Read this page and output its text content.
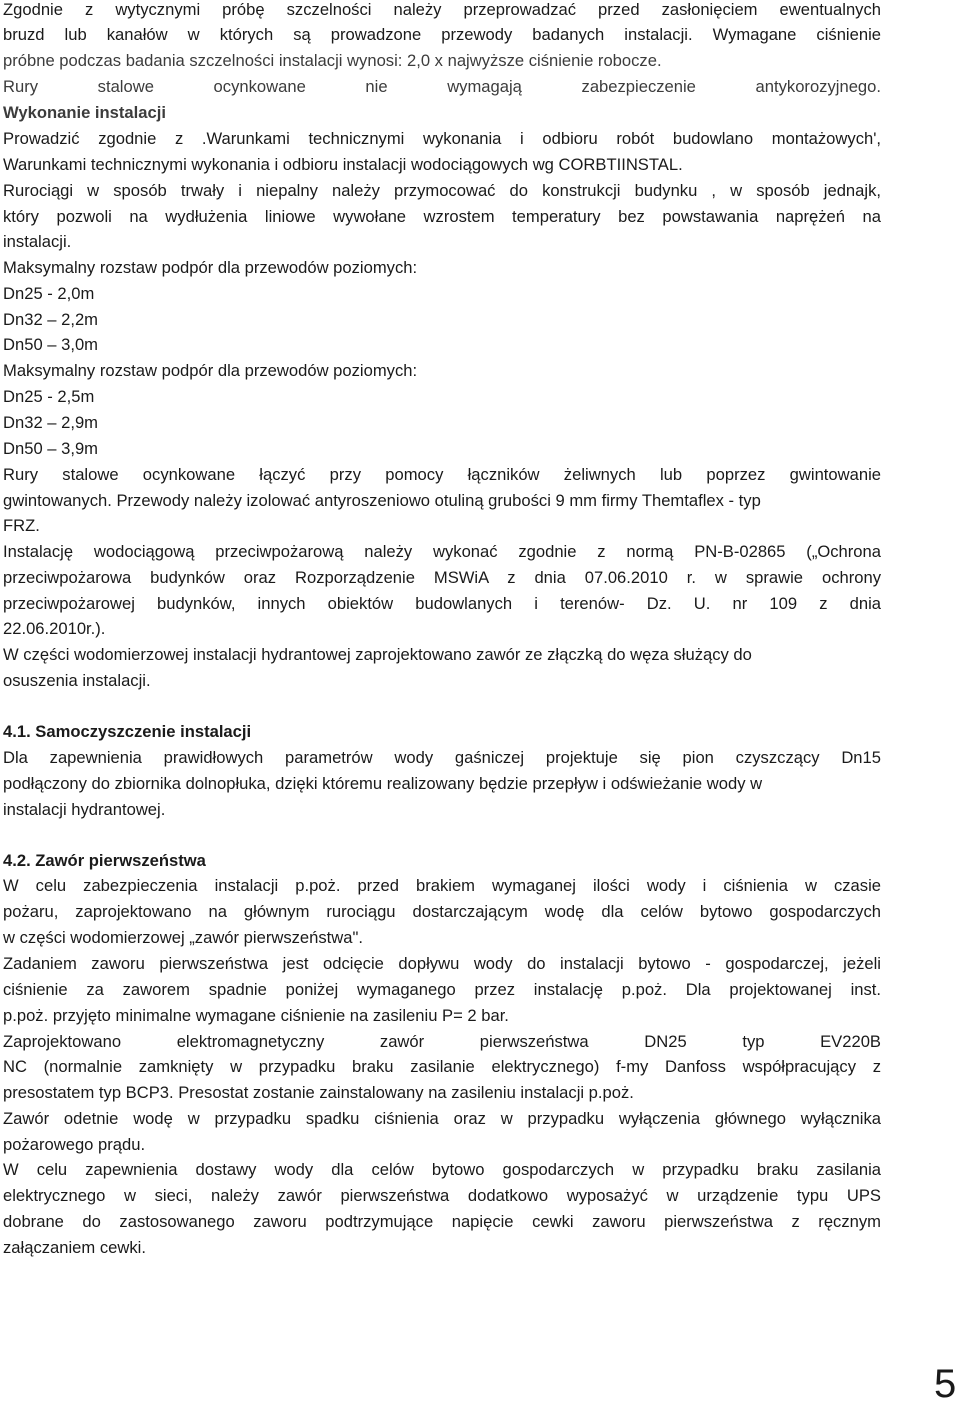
Zgodnie z wytycznymi próbę szczelności należy przeprowadzać przed zasłonięciem ewentualnych
bruzd lub kanałów w których są prowadzone przewody badanych instalacji. Wymagane ciśnienie
próbne podczas badania szczelności instalacji wynosi: 2,0 x najwyższe ciśnienie robocze.
Rury stalowe ocynkowane nie wymagają zabezpieczenie antykorozyjnego.
Wykonanie instalacji
Prowadzić zgodnie z .Warunkami technicznymi wykonania i odbioru robót budowlano montażowych',
Warunkami technicznymi wykonania i odbioru instalacji wodociągowych wg CORBTIINSTAL.
Rurociągi w sposób trwały i niepalny należy przymocować do konstrukcji budynku , w sposób jednajk,
który pozwoli na wydłużenia liniowe wywołane wzrostem temperatury bez powstawania naprężeń na
instalacji.
Maksymalny rozstaw podpór dla przewodów poziomych:
Dn25 - 2,0m
Dn32 – 2,2m
Dn50 – 3,0m
Maksymalny rozstaw podpór dla przewodów poziomych:
Dn25 - 2,5m
Dn32 – 2,9m
Dn50 – 3,9m
Rury stalowe ocynkowane łączyć przy pomocy łączników żeliwnych lub poprzez gwintowanie
gwintowanych. Przewody należy izolować antyroszeniowo otuliną grubości 9 mm firmy Themtaflex - typ
FRZ.
Instalację wodociągową przeciwpożarową należy wykonać zgodnie z normą PN-B-02865 („Ochrona
przeciwpożarowa budynków oraz Rozporządzenie MSWiA z dnia 07.06.2010 r. w sprawie ochrony
przeciwpożarowej budynków, innych obiektów budowlanych i terenów- Dz. U. nr 109 z dnia
22.06.2010r.).
W części wodomierzowej instalacji hydrantowej zaprojektowano zawór ze złączką do węza służący do
osuszenia instalacji.
4.1. Samoczyszczenie instalacji
Dla zapewnienia prawidłowych parametrów wody gaśniczej projektuje się pion czyszczący Dn15
podłączony do zbiornika dolnopłuka, dzięki któremu realizowany będzie przepływ i odświeżanie wody w
instalacji hydrantowej.
4.2. Zawór pierwszeństwa
W celu zabezpieczenia instalacji p.poż. przed brakiem wymaganej ilości wody i ciśnienia w czasie
pożaru, zaprojektowano na głównym rurociągu dostarczającym wodę dla celów bytowo gospodarczych
w części wodomierzowej „zawór pierwszeństwa".
Zadaniem zaworu pierwszeństwa jest odcięcie dopływu wody do instalacji bytowo - gospodarczej, jeżeli
ciśnienie za zaworem spadnie poniżej wymaganego przez instalację p.poż. Dla projektowanej inst.
p.poż. przyjęto minimalne wymagane ciśnienie na zasileniu P= 2 bar.
Zaprojektowano elektromagnetyczny zawór pierwszeństwa DN25 typ EV220B
NC (normalnie zamknięty w przypadku braku zasilanie elektrycznego) f-my Danfoss współpracujący z
presostatem typ BCP3. Presostat zostanie zainstalowany na zasileniu instalacji p.poż.
Zawór odetnie wodę w przypadku spadku ciśnienia oraz w przypadku wyłączenia głównego wyłącznika
pożarowego prądu.
W celu zapewnienia dostawy wody dla celów bytowo gospodarczych w przypadku braku zasilania
elektrycznego w sieci, należy zawór pierwszeństwa dodatkowo wyposażyć w urządzenie typu UPS
dobrane do zastosowanego zaworu podtrzymujące napięcie cewki zaworu pierwszeństwa z ręcznym
załączaniem cewki.
5
